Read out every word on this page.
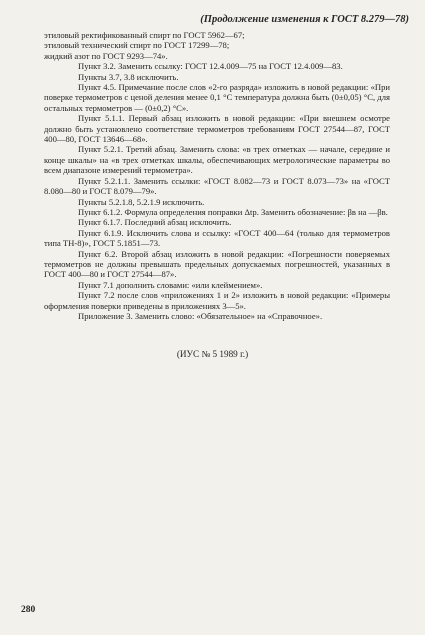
(Продолжение изменения к ГОСТ 8.279—78)

этиловый ректификованный спирт по ГОСТ 5962—67;

этиловый технический спирт по ГОСТ 17299—78;

жидкий азот по ГОСТ 9293—74».

Пункт 3.2. Заменить ссылку: ГОСТ 12.4.009—75 на ГОСТ 12.4.009—83.

Пункты 3.7, 3.8 исключить.

Пункт 4.5. Примечание после слов «2-го разряда» изложить в новой редакции: «При поверке термометров с ценой деления менее 0,1 °С температура должна быть (0±0,05) °С, для остальных термометров — (0±0,2) °С».

Пункт 5.1.1. Первый абзац изложить в новой редакции: «При внешнем осмотре должно быть установлено соответствие термометров требованиям ГОСТ 27544—87, ГОСТ 400—80, ГОСТ 13646—68».

Пункт 5.2.1. Третий абзац. Заменить слова: «в трех отметках — начале, середине и конце шкалы» на «в трех отметках шкалы, обеспечивающих метрологические параметры во всем диапазоне измерений термометра».

Пункт 5.2.1.1. Заменить ссылки: «ГОСТ 8.082—73 и ГОСТ 8.073—73» на «ГОСТ 8.080—80 и ГОСТ 8.079—79».

Пункты 5.2.1.8, 5.2.1.9 исключить.

Пункт 6.1.2. Формула определения поправки Δtр. Заменить обозначение: βв на —βв.

Пункт 6.1.7. Последний абзац исключить.

Пункт 6.1.9. Исключить слова и ссылку: «ГОСТ 400—64 (только для термометров типа ТН-8)», ГОСТ 5.1851—73.

Пункт 6.2. Второй абзац изложить в новой редакции: «Погрешности поверяемых термометров не должны превышать предельных допускаемых погрешностей, указанных в ГОСТ 400—80 и ГОСТ 27544—87».

Пункт 7.1 дополнить словами: «или клеймением».

Пункт 7.2 после слов «приложениях 1 и 2» изложить в новой редакции: «Примеры оформления поверки приведены в приложениях 3—5».

Приложение 3. Заменить слово: «Обязательное» на «Справочное».

(ИУС № 5 1989 г.)
280
